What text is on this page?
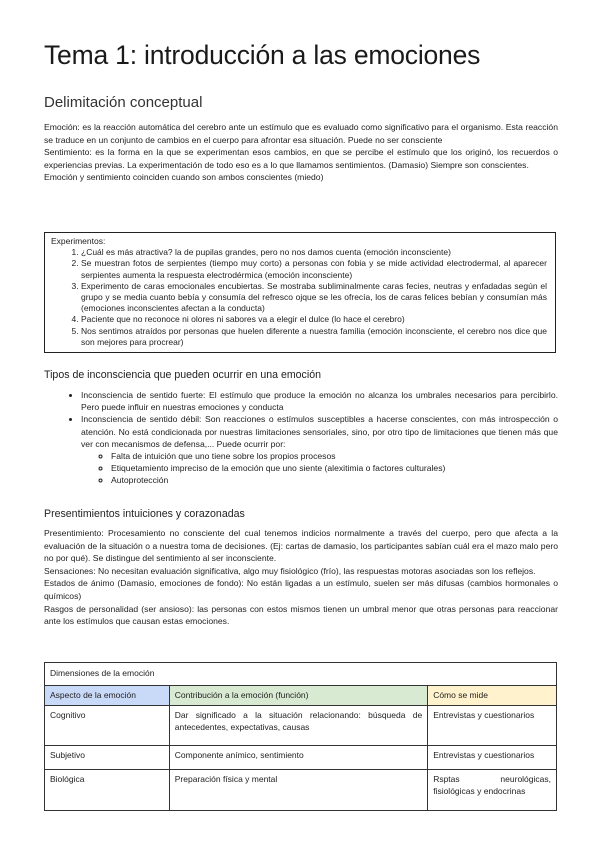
Tema 1: introducción a las emociones
Delimitación conceptual

Emoción: es la reacción automática del cerebro ante un estímulo que es evaluado como significativo para el organismo. Esta reacción se traduce en un conjunto de cambios en el cuerpo para afrontar esa situación. Puede no ser consciente

Sentimiento: es la forma en la que se experimentan esos cambios, en que se percibe el estímulo que los originó, los recuerdos o experiencias previas. La experimentación de todo eso es a lo que llamamos sentimientos. (Damasio) Siempre son conscientes.

Emoción y sentimiento coinciden cuando son ambos conscientes (miedo)

Experimentos:

1. ¿Cuál es más atractiva? la de pupilas grandes, pero no nos damos cuenta (emoción inconsciente)
2. Se muestran fotos de serpientes (tiempo muy corto) a personas con fobia y se mide actividad electrodermal, al aparecer serpientes aumenta la respuesta electrodérmica (emoción inconsciente)
3. Experimento de caras emocionales encubiertas. Se mostraba subliminalmente caras fecies, neutras y enfadadas según el grupo y se media cuanto bebía y consumía del refresco ojque se les ofrecía, los de caras felices bebían y consumían más (emociones inconscientes afectan a la conducta)
4. Paciente que no reconoce ni olores ni sabores va a elegir el dulce (lo hace el cerebro)
5. Nos sentimos atraídos por personas que huelen diferente a nuestra familia (emoción inconsciente, el cerebro nos dice que son mejores para procrear)
Tipos de inconsciencia que pueden ocurrir en una emoción
• Inconsciencia de sentido fuerte: El estímulo que produce la emoción no alcanza los umbrales necesarios para percibirlo. Pero puede influir en nuestras emociones y conducta
• Inconsciencia de sentido débil: Son reacciones o estímulos susceptibles a hacerse conscientes, con más introspección o atención. No está condicionada por nuestras limitaciones sensoriales, sino, por otro tipo de limitaciones que tienen más que ver con mecanismos de defensa,... Puede ocurrir por:
◦ Falta de intuición que uno tiene sobre los propios procesos
◦ Etiquetamiento impreciso de la emoción que uno siente (alexitimia o factores culturales)
◦ Autoprotección
Presentimientos intuiciones y corazonadas

Presentimiento: Procesamiento no consciente del cual tenemos indicios normalmente a través del cuerpo, pero que afecta a la evaluación de la situación o a nuestra toma de decisiones. (Ej: cartas de damasio, los participantes sabían cuál era el mazo malo pero no por qué). Se distingue del sentimiento al ser inconsciente.

Sensaciones: No necesitan evaluación significativa, algo muy fisiológico (frío), las respuestas motoras asociadas son los reflejos.

Estados de ánimo (Damasio, emociones de fondo): No están ligadas a un estímulo, suelen ser más difusas (cambios hormonales o químicos)

Rasgos de personalidad (ser ansioso): las personas con estos mismos tienen un umbral menor que otras personas para reaccionar ante los estímulos que causan estas emociones.

Dimensiones de la emoción		
Aspecto de la emoción	Contribución a la emoción (función)	Cómo se mide
Cognitivo	Dar significado a la situación relacionando: búsqueda de antecedentes, expectativas, causas	Entrevistas y cuestionarios
Subjetivo	Componente anímico, sentimiento	Entrevistas y cuestionarios
Biológica	Preparación física y mental	Rsptas neurológicas, fisiológicas y endocrinas
